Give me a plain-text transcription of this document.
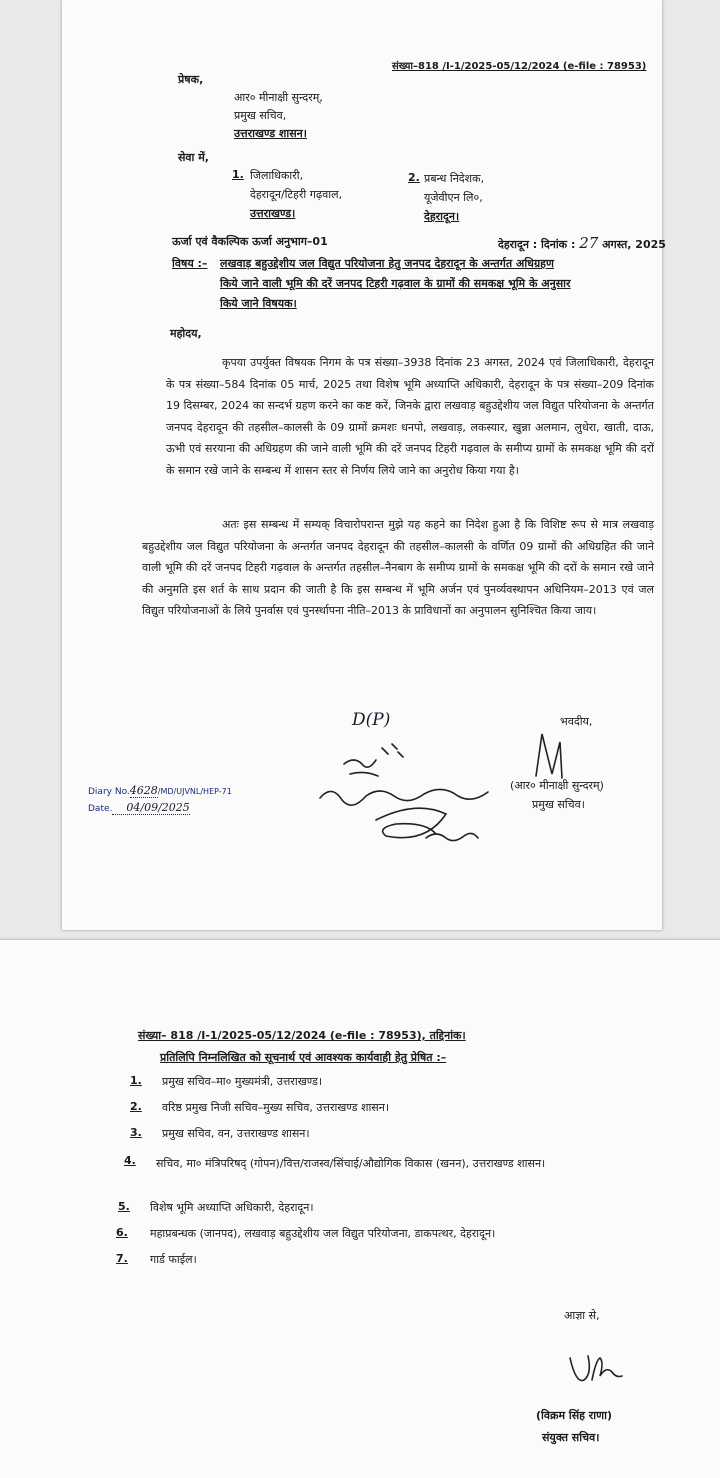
संख्या–818 /I-1/2025-05/12/2024 (e-file : 78953)
प्रेषक,
आर० मीनाक्षी सुन्दरम्,
प्रमुख सचिव,
उत्तराखण्ड शासन।
सेवा में,
1. जिलाधिकारी,
देहरादून/टिहरी गढ़वाल,
उत्तराखण्ड।
2. प्रबन्ध निदेशक,
यूजेवीएन लि०,
देहरादून।
ऊर्जा एवं वैकल्पिक ऊर्जा अनुभाग–01	देहरादून : दिनांक : 27 अगस्त, 2025
विषय :– लखवाड़ बहुउद्देशीय जल विद्युत परियोजना हेतु जनपद देहरादून के अन्तर्गत अधिग्रहण
किये जाने वाली भूमि की दरें जनपद टिहरी गढ़वाल के ग्रामों की समकक्ष भूमि के अनुसार
किये जाने विषयक।
महोदय,
कृपया उपर्युक्त विषयक निगम के पत्र संख्या–3938 दिनांक 23 अगस्त, 2024 एवं जिलाधिकारी, देहरादून के पत्र संख्या–584 दिनांक 05 मार्च, 2025 तथा विशेष भूमि अध्याप्ति अधिकारी, देहरादून के पत्र संख्या–209 दिनांक 19 दिसम्बर, 2024 का सन्दर्भ ग्रहण करने का कष्ट करें, जिनके द्वारा लखवाड़ बहुउद्देशीय जल विद्युत परियोजना के अन्तर्गत जनपद देहरादून की तहसील–कालसी के 09 ग्रामों क्रमशः धनपो, लखवाड़, लकस्यार, खुन्ना अलमान, लुधेरा, खाती, दाऊ, ऊभी एवं सरयाना की अधिग्रहण की जाने वाली भूमि की दरें जनपद टिहरी गढ़वाल के समीप्य ग्रामों के समकक्ष भूमि की दरों के समान रखे जाने के सम्बन्ध में शासन स्तर से निर्णय लिये जाने का अनुरोध किया गया है।
अतः इस सम्बन्ध में सम्यक् विचारोपरान्त मुझे यह कहने का निदेश हुआ है कि विशिष्ट रूप से मात्र लखवाड़ बहुउद्देशीय जल विद्युत परियोजना के अन्तर्गत जनपद देहरादून की तहसील–कालसी के वर्णित 09 ग्रामों की अधिग्रहित की जाने वाली भूमि की दरें जनपद टिहरी गढ़वाल के अन्तर्गत तहसील–नैनबाग के समीप्य ग्रामों के समकक्ष भूमि की दरों के समान रखे जाने की अनुमति इस शर्त के साथ प्रदान की जाती है कि इस सम्बन्ध में भूमि अर्जन एवं पुनर्व्यवस्थापन अधिनियम–2013 एवं जल विद्युत परियोजनाओं के लिये पुनर्वास एवं पुनर्स्थापना नीति–2013 के प्राविधानों का अनुपालन सुनिश्चित किया जाय।
भवदीय,
D(P)
(आर० मीनाक्षी सुन्दरम्)
प्रमुख सचिव।
Diary No.4628/MD/UJVNL/HEP-71
Date. 04/09/2025
संख्या– 818 /I-1/2025-05/12/2024 (e-file : 78953), तद्दिनांक।
प्रतिलिपि निम्नलिखित को सूचनार्थ एवं आवश्यक कार्यवाही हेतु प्रेषित :–
1. प्रमुख सचिव–मा० मुख्यमंत्री, उत्तराखण्ड।
2. वरिष्ठ प्रमुख निजी सचिव–मुख्य सचिव, उत्तराखण्ड शासन।
3. प्रमुख सचिव, वन, उत्तराखण्ड शासन।
4. सचिव, मा० मंत्रिपरिषद् (गोपन)/वित्त/राजस्व/सिंचाई/औद्योगिक विकास (खनन), उत्तराखण्ड शासन।
5. विशेष भूमि अध्याप्ति अधिकारी, देहरादून।
6. महाप्रबन्धक (जानपद), लखवाड़ बहुउद्देशीय जल विद्युत परियोजना, डाकपत्थर, देहरादून।
7. गार्ड फाईल।
आज्ञा से,
(विक्रम सिंह राणा)
संयुक्त सचिव।
